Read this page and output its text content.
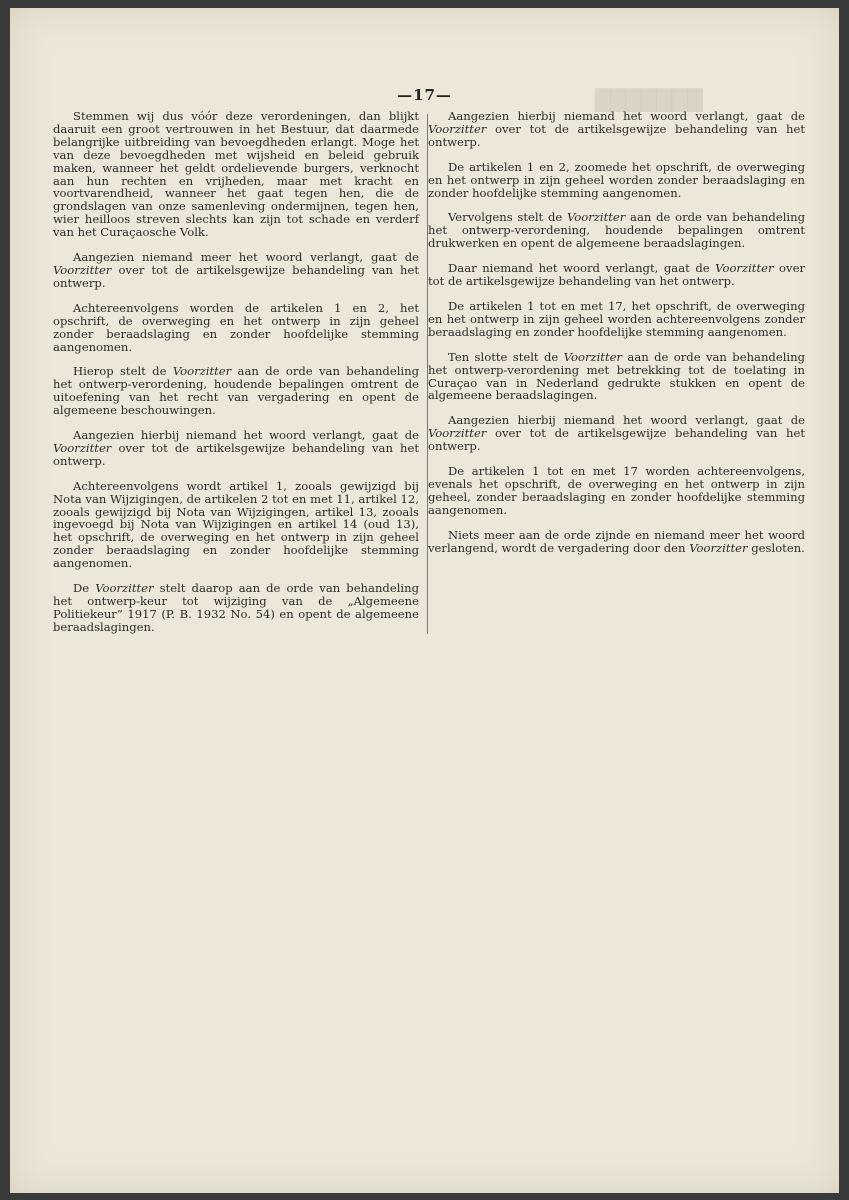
███████
—17—

Stemmen wij dus vóór deze verordeningen, dan blijkt daaruit een groot vertrouwen in het Bestuur, dat daarmede belangrijke uitbreiding van bevoegdheden erlangt. Moge het van deze bevoegdheden met wijsheid en beleid gebruik maken, wanneer het geldt ordelievende burgers, verknocht aan hun rechten en vrijheden, maar met kracht en voortvarendheid, wanneer het gaat tegen hen, die de grondslagen van onze samenleving ondermijnen, tegen hen, wier heilloos streven slechts kan zijn tot schade en verderf van het Curaçaosche Volk.

Aangezien niemand meer het woord verlangt, gaat de Voorzitter over tot de artikelsgewijze behandeling van het ontwerp.

Achtereenvolgens worden de artikelen 1 en 2, het opschrift, de overweging en het ontwerp in zijn geheel zonder beraadslaging en zonder hoofdelijke stemming aangenomen.

Hierop stelt de Voorzitter aan de orde van behandeling het ontwerp-verordening, houdende bepalingen omtrent de uitoefening van het recht van vergadering en opent de algemeene beschouwingen.

Aangezien hierbij niemand het woord verlangt, gaat de Voorzitter over tot de artikelsgewijze behandeling van het ontwerp.

Achtereenvolgens wordt artikel 1, zooals gewijzigd bij Nota van Wijzigingen, de artikelen 2 tot en met 11, artikel 12, zooals gewijzigd bij Nota van Wijzigingen, artikel 13, zooals ingevoegd bij Nota van Wijzigingen en artikel 14 (oud 13), het opschrift, de overweging en het ontwerp in zijn geheel zonder beraadslaging en zonder hoofdelijke stemming aangenomen.

De Voorzitter stelt daarop aan de orde van behandeling het ontwerp-keur tot wijziging van de „Algemeene Politiekeur” 1917 (P. B. 1932 No. 54) en opent de algemeene beraadslagingen.

Aangezien hierbij niemand het woord verlangt, gaat de Voorzitter over tot de artikelsgewijze behandeling van het ontwerp.

De artikelen 1 en 2, zoomede het opschrift, de overweging en het ontwerp in zijn geheel worden zonder beraadslaging en zonder hoofdelijke stemming aangenomen.

Vervolgens stelt de Voorzitter aan de orde van behandeling het ontwerp-verordening, houdende bepalingen omtrent drukwerken en opent de algemeene beraadslagingen.

Daar niemand het woord verlangt, gaat de Voorzitter over tot de artikelsgewijze behandeling van het ontwerp.

De artikelen 1 tot en met 17, het opschrift, de overweging en het ontwerp in zijn geheel worden achtereenvolgens zonder beraadslaging en zonder hoofdelijke stemming aangenomen.

Ten slotte stelt de Voorzitter aan de orde van behandeling het ontwerp-verordening met betrekking tot de toelating in Curaçao van in Nederland gedrukte stukken en opent de algemeene beraadslagingen.

Aangezien hierbij niemand het woord verlangt, gaat de Voorzitter over tot de artikelsgewijze behandeling van het ontwerp.

De artikelen 1 tot en met 17 worden achtereenvolgens, evenals het opschrift, de overweging en het ontwerp in zijn geheel, zonder beraadslaging en zonder hoofdelijke stemming aangenomen.

Niets meer aan de orde zijnde en niemand meer het woord verlangend, wordt de vergadering door den Voorzitter gesloten.
